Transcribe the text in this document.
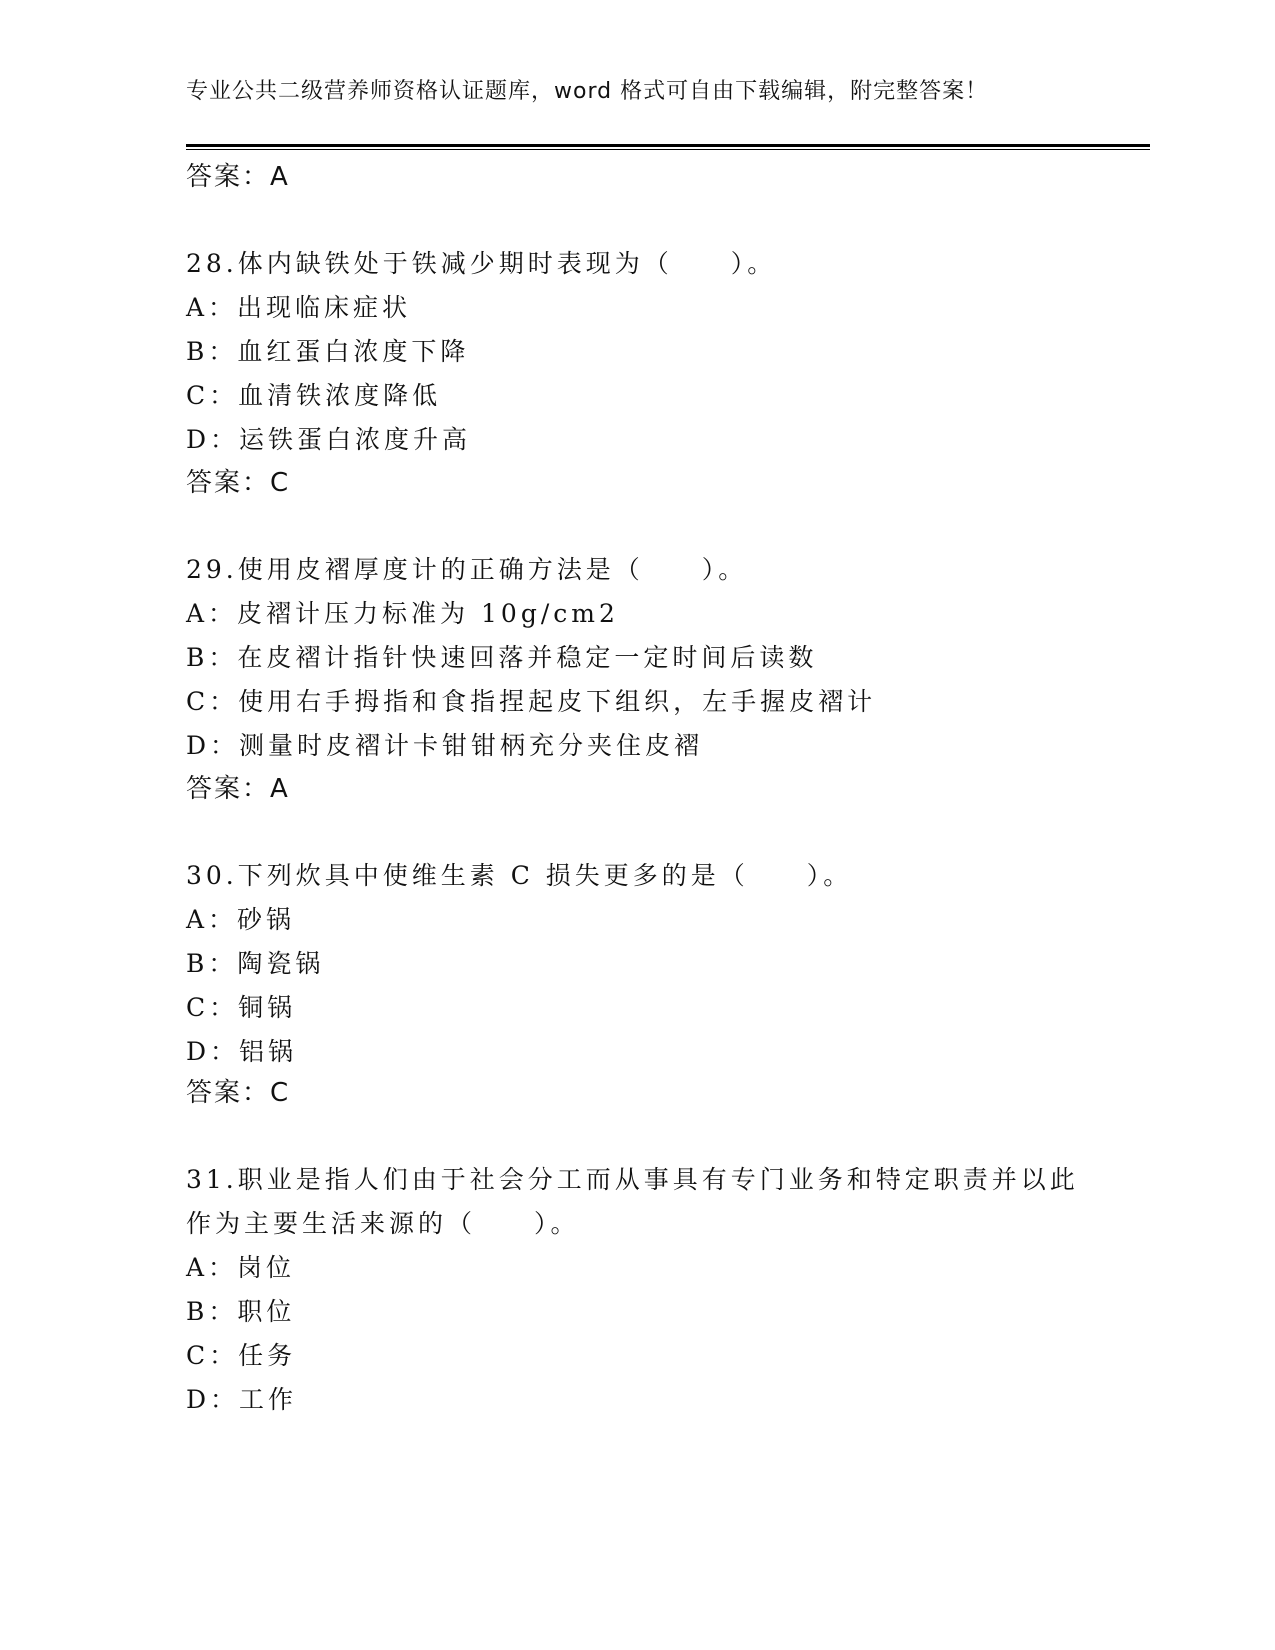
专业公共二级营养师资格认证题库，word 格式可自由下载编辑，附完整答案！
答案：A
28.体内缺铁处于铁减少期时表现为（　　）。
A：出现临床症状
B：血红蛋白浓度下降
C：血清铁浓度降低
D：运铁蛋白浓度升高
答案：C
29.使用皮褶厚度计的正确方法是（　　）。
A：皮褶计压力标准为 10g/cm2
B：在皮褶计指针快速回落并稳定一定时间后读数
C：使用右手拇指和食指捏起皮下组织，左手握皮褶计
D：测量时皮褶计卡钳钳柄充分夹住皮褶
答案：A
30.下列炊具中使维生素 C 损失更多的是（　　）。
A：砂锅
B：陶瓷锅
C：铜锅
D：铝锅
答案：C
31.职业是指人们由于社会分工而从事具有专门业务和特定职责并以此
作为主要生活来源的（　　）。
A：岗位
B：职位
C：任务
D：工作
